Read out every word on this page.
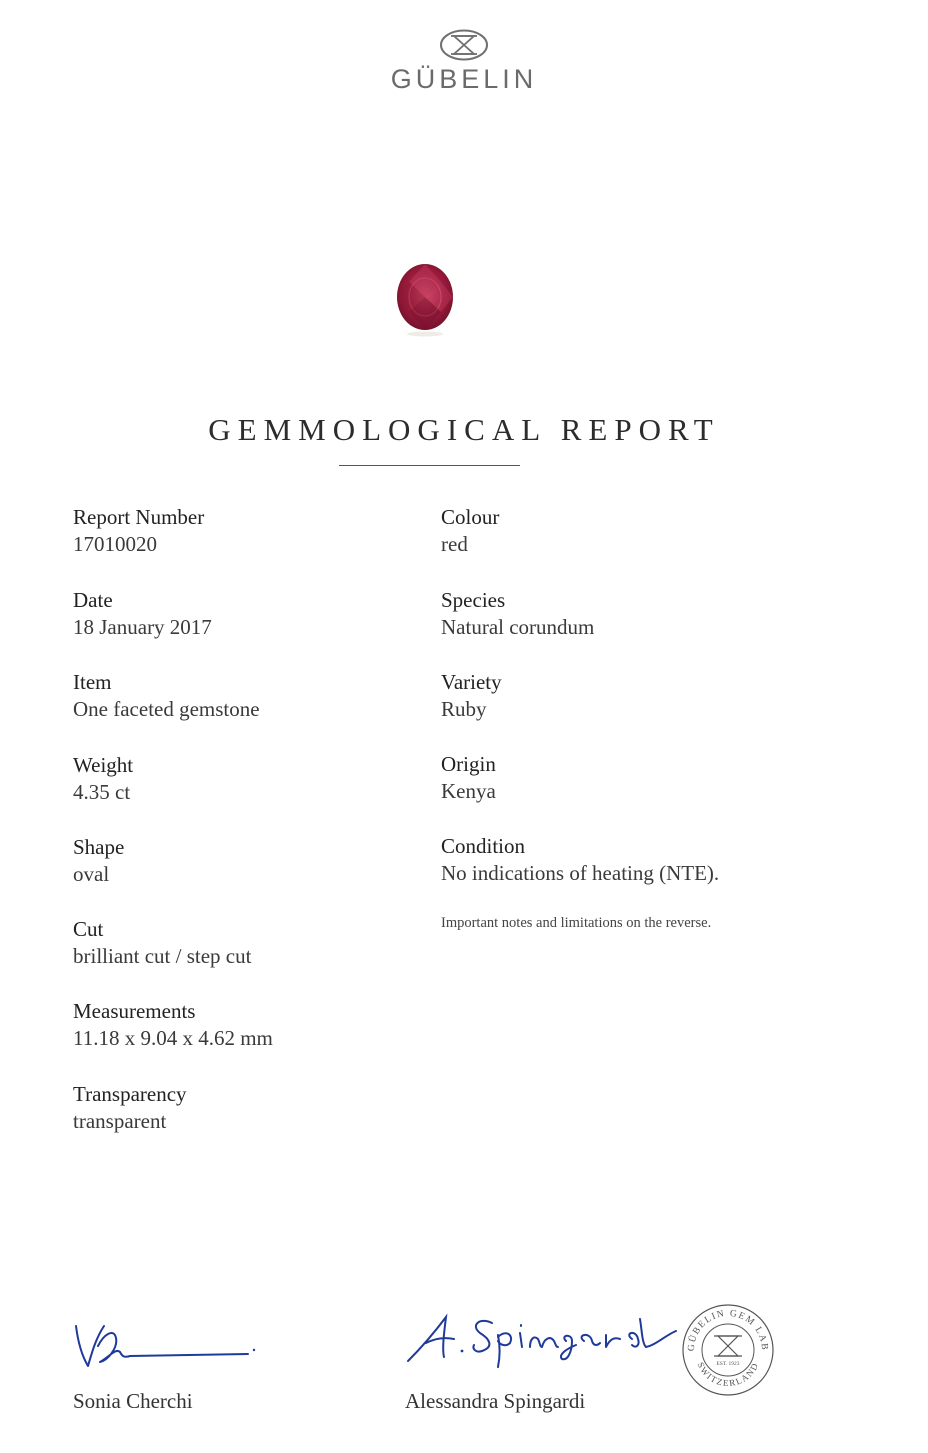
GÜBELIN
GEMMOLOGICAL REPORT
Report Number
17010020
Date
18 January 2017
Item
One faceted gemstone
Weight
4.35 ct
Shape
oval
Cut
brilliant cut / step cut
Measurements
11.18 x 9.04 x 4.62 mm
Transparency
transparent
Colour
red
Species
Natural corundum
Variety
Ruby
Origin
Kenya
Condition
No indications of heating (NTE).
Important notes and limitations on the reverse.
Sonia Cherchi	Alessandra Spingardi
GÜBELIN GEM LAB
SWITZERLAND
EST. 1923
